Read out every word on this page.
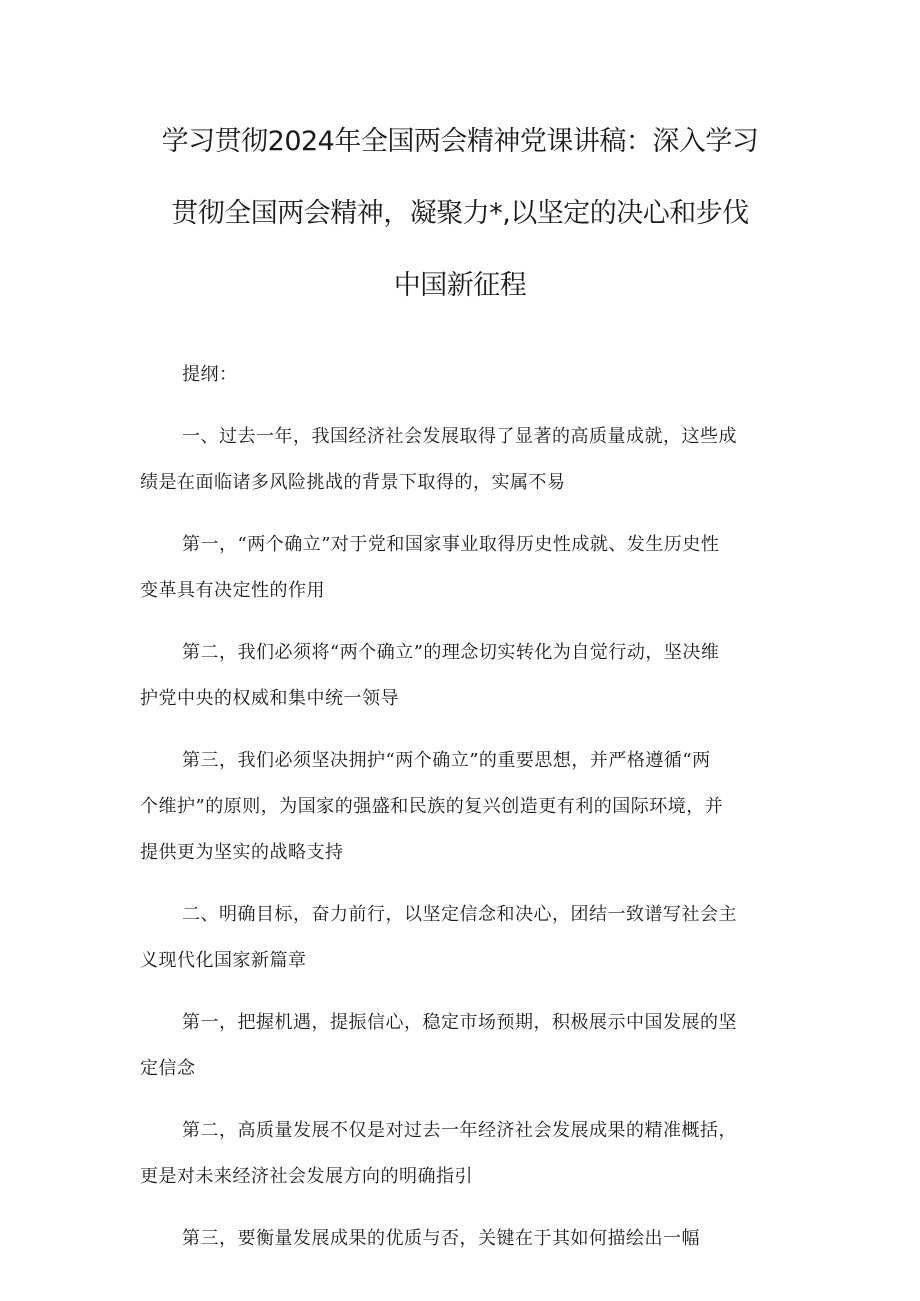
学习贯彻2024年全国两会精神党课讲稿：深入学习
贯彻全国两会精神，凝聚力*,以坚定的决心和步伐
中国新征程
提纲：
一、过去一年，我国经济社会发展取得了显著的高质量成就，这些成
绩是在面临诸多风险挑战的背景下取得的，实属不易
第一，“两个确立”对于党和国家事业取得历史性成就、发生历史性
变革具有决定性的作用
第二，我们必须将“两个确立”的理念切实转化为自觉行动，坚决维
护党中央的权威和集中统一领导
第三，我们必须坚决拥护“两个确立”的重要思想，并严格遵循“两
个维护”的原则，为国家的强盛和民族的复兴创造更有利的国际环境，并
提供更为坚实的战略支持
二、明确目标，奋力前行，以坚定信念和决心，团结一致谱写社会主
义现代化国家新篇章
第一，把握机遇，提振信心，稳定市场预期，积极展示中国发展的坚
定信念
第二，高质量发展不仅是对过去一年经济社会发展成果的精准概括，
更是对未来经济社会发展方向的明确指引
第三，要衡量发展成果的优质与否，关键在于其如何描绘出一幅
